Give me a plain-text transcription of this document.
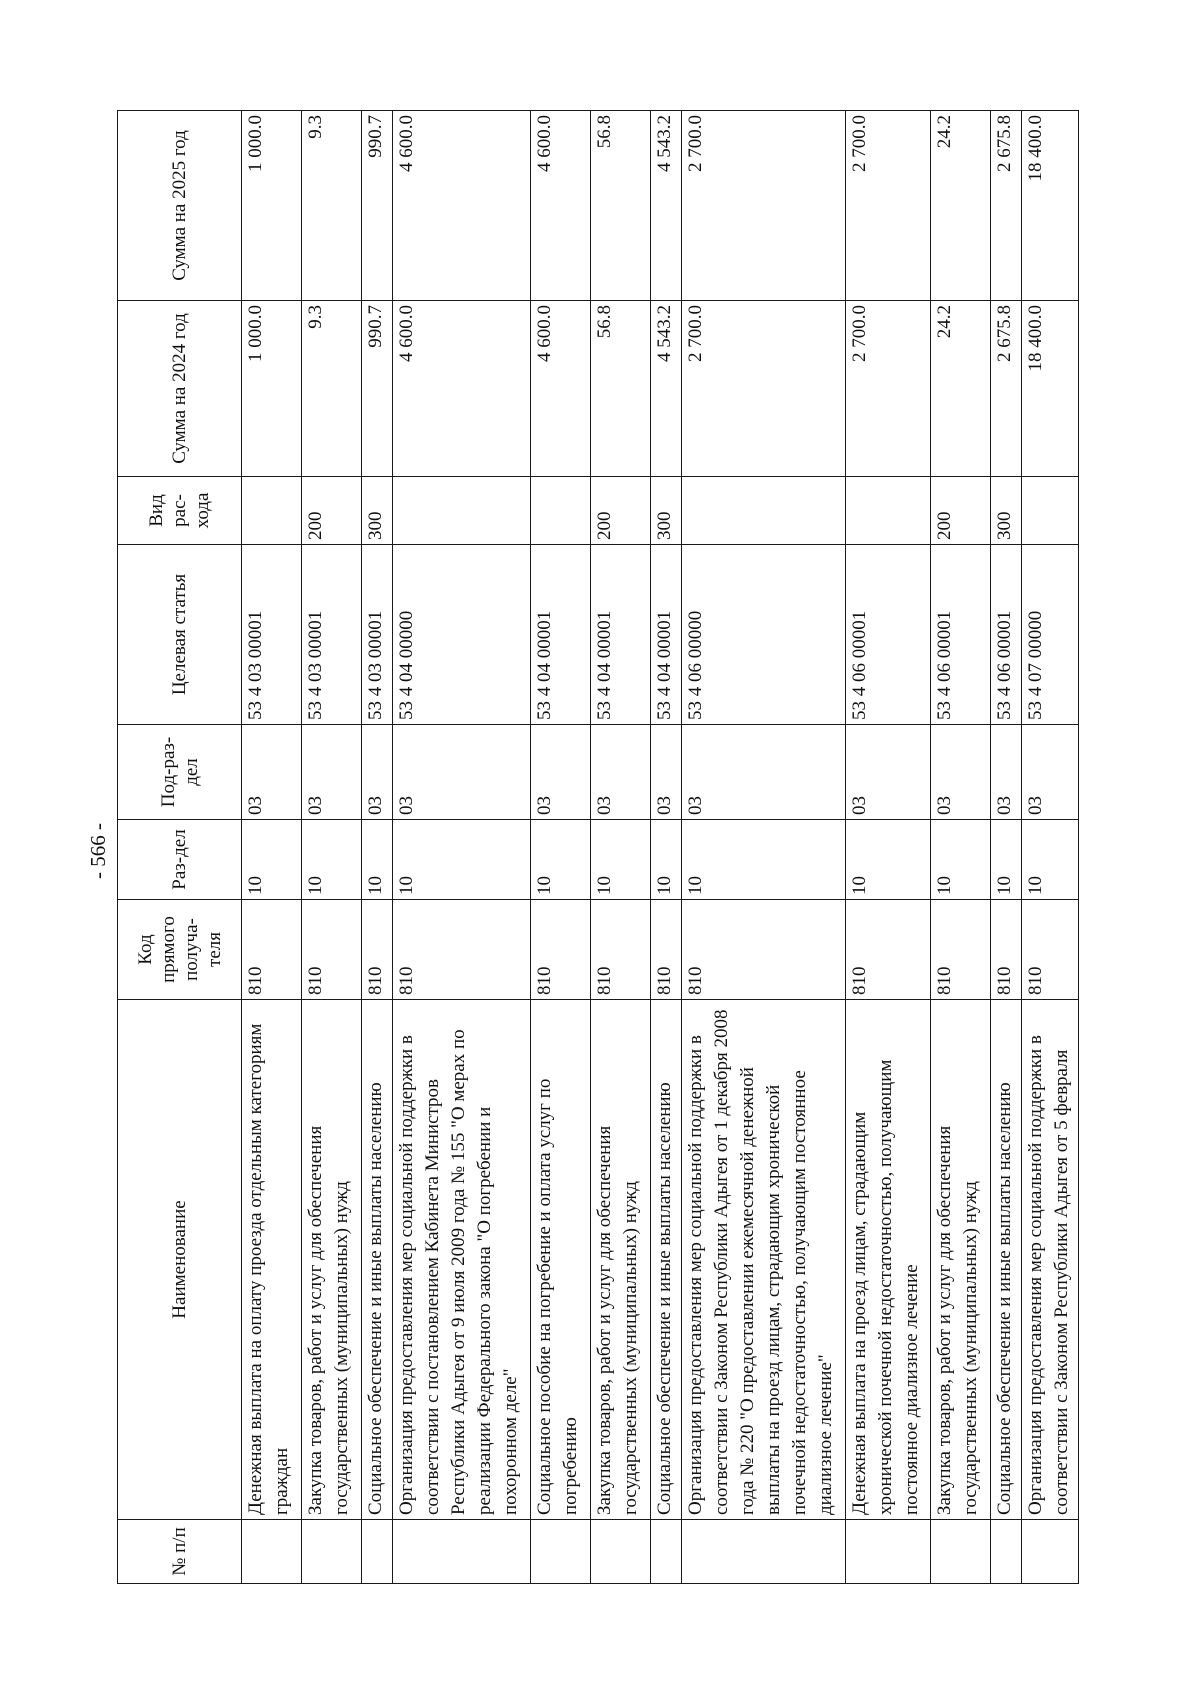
- 566 -
№ п/п	Наименование	Код прямого получа-теля	Раз-дел	Под-раз-дел	Целевая статья	Вид рас-хода	Сумма на 2024 год	Сумма на 2025 год
	Денежная выплата на оплату проезда отдельным категориям граждан	810	10	03	53 4 03 00001		1 000.0	1 000.0
	Закупка товаров, работ и услуг для обеспечения государственных (муниципальных) нужд	810	10	03	53 4 03 00001	200	9.3	9.3
	Социальное обеспечение и иные выплаты населению	810	10	03	53 4 03 00001	300	990.7	990.7
	Организация предоставления мер социальной поддержки в соответствии с постановлением Кабинета Министров Республики Адыгея от 9 июля 2009 года № 155 "О мерах по реализации Федерального закона "О погребении и похоронном деле"	810	10	03	53 4 04 00000		4 600.0	4 600.0
	Социальное пособие на погребение и оплата услуг по погребению	810	10	03	53 4 04 00001		4 600.0	4 600.0
	Закупка товаров, работ и услуг для обеспечения государственных (муниципальных) нужд	810	10	03	53 4 04 00001	200	56.8	56.8
	Социальное обеспечение и иные выплаты населению	810	10	03	53 4 04 00001	300	4 543.2	4 543.2
	Организация предоставления мер социальной поддержки в соответствии с Законом Республики Адыгея от 1 декабря 2008 года № 220 "О предоставлении ежемесячной денежной выплаты на проезд лицам, страдающим хронической почечной недостаточностью, получающим постоянное диализное лечение"	810	10	03	53 4 06 00000		2 700.0	2 700.0
	Денежная выплата на проезд лицам, страдающим хронической почечной недостаточностью, получающим постоянное диализное лечение	810	10	03	53 4 06 00001		2 700.0	2 700.0
	Закупка товаров, работ и услуг для обеспечения государственных (муниципальных) нужд	810	10	03	53 4 06 00001	200	24.2	24.2
	Социальное обеспечение и иные выплаты населению	810	10	03	53 4 06 00001	300	2 675.8	2 675.8
	Организация предоставления мер социальной поддержки в соответствии с Законом Республики Адыгея от 5 февраля	810	10	03	53 4 07 00000		18 400.0	18 400.0
